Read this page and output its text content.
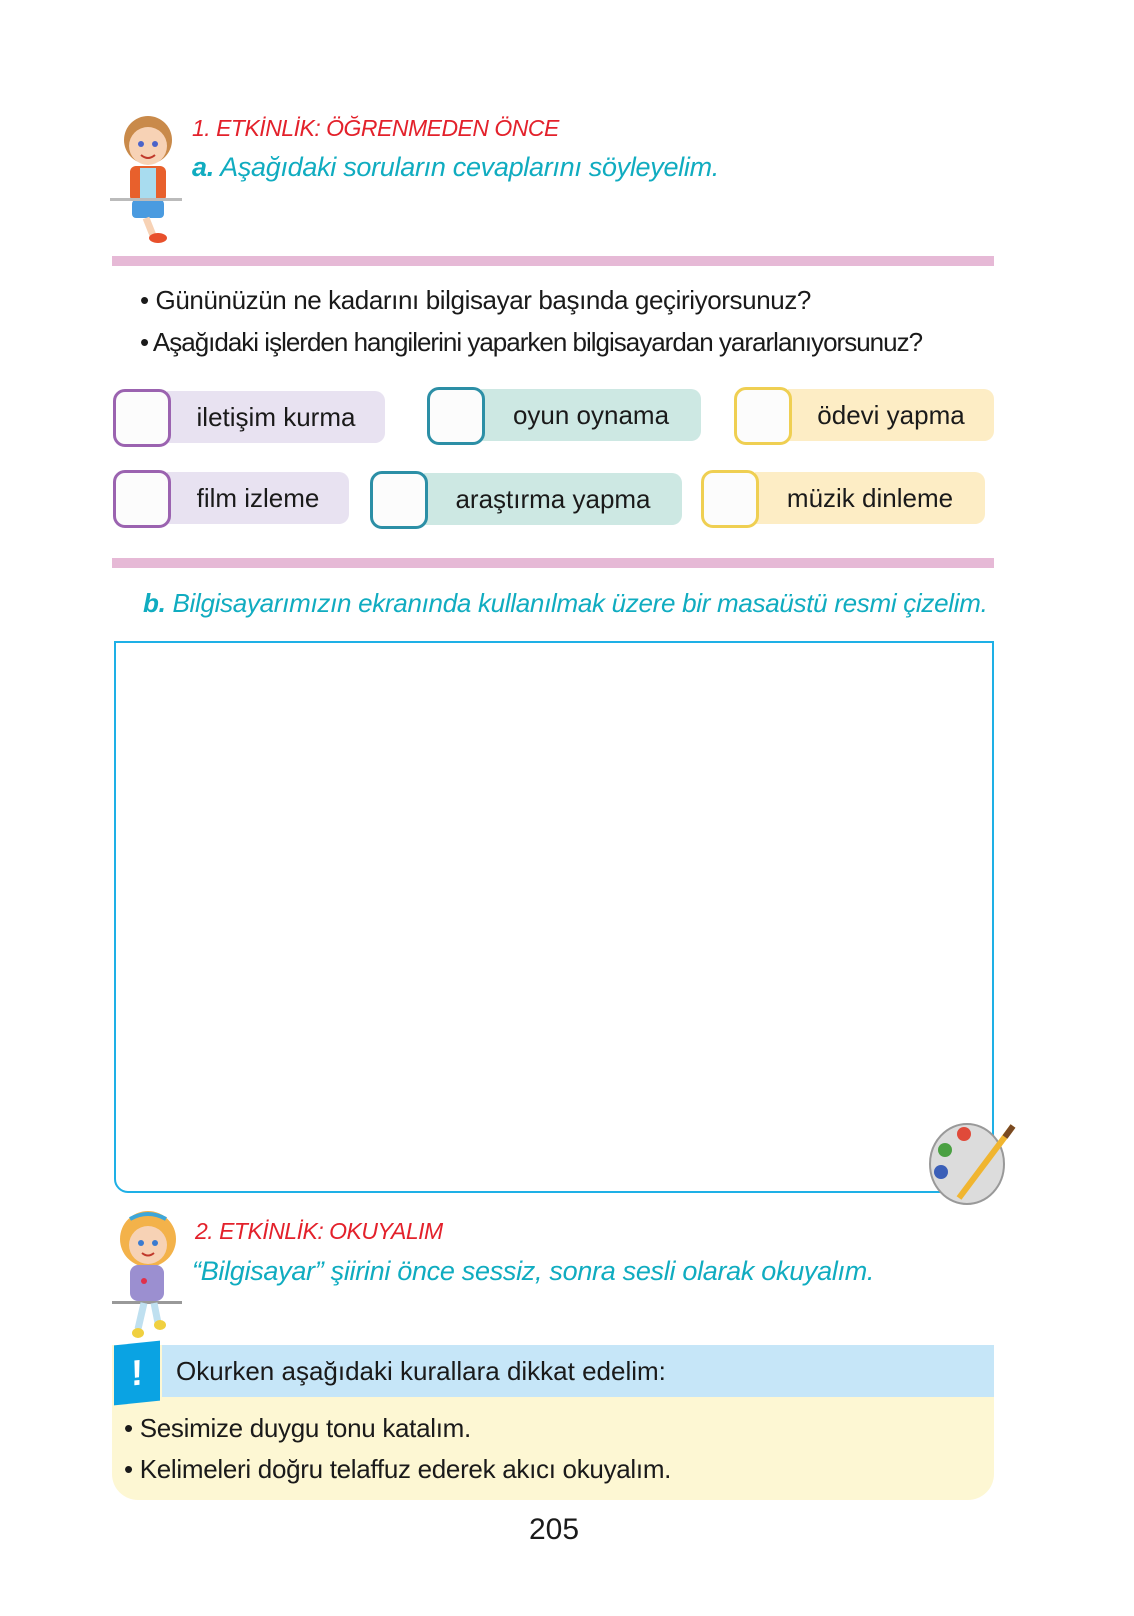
1. ETKİNLİK: ÖĞRENMEDEN ÖNCE
a. Aşağıdaki soruların cevaplarını söyleyelim.
• Gününüzün ne kadarını bilgisayar başında geçiriyorsunuz?
• Aşağıdaki işlerden hangilerini yaparken bilgisayardan yararlanıyorsunuz?
iletişim kurma	oyun oynama	ödevi yapma
film izleme	araştırma yapma	müzik dinleme
b. Bilgisayarımızın ekranında kullanılmak üzere bir masaüstü resmi çizelim.
2. ETKİNLİK: OKUYALIM
“Bilgisayar” şiirini önce sessiz, sonra sesli olarak okuyalım.
Okurken aşağıdaki kurallara dikkat edelim:
!
• Sesimize duygu tonu katalım.
• Kelimeleri doğru telaffuz ederek akıcı okuyalım.
205
